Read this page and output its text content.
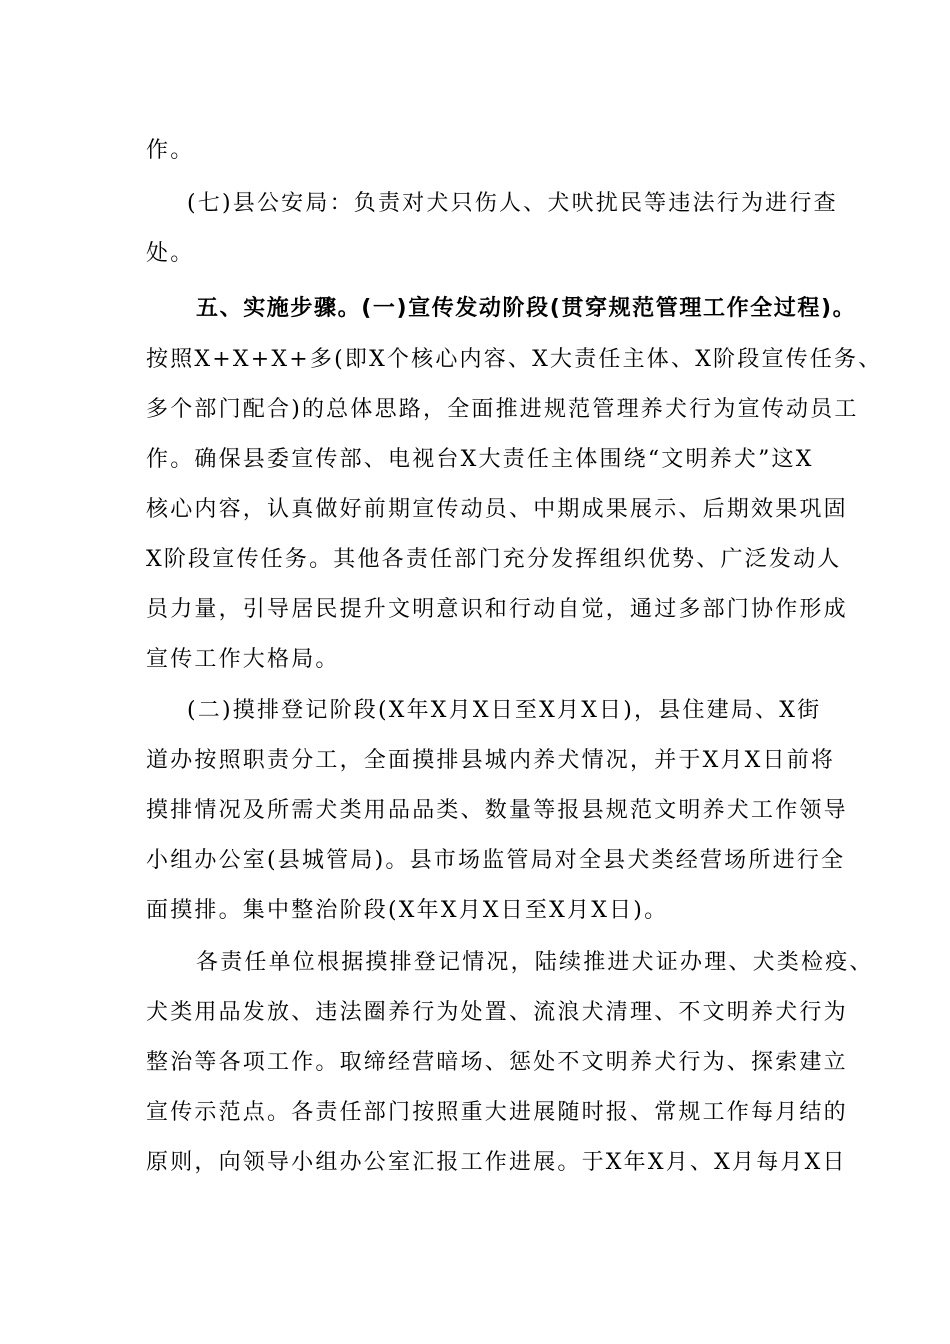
作。
(七)县公安局：负责对犬只伤人、犬吠扰民等违法行为进行查
处。
五、实施步骤。(一)宣传发动阶段(贯穿规范管理工作全过程)。
按照X+X+X+多(即X个核心内容、X大责任主体、X阶段宣传任务、
多个部门配合)的总体思路，全面推进规范管理养犬行为宣传动员工
作。确保县委宣传部、电视台X大责任主体围绕“文明养犬”这X
核心内容，认真做好前期宣传动员、中期成果展示、后期效果巩固
X阶段宣传任务。其他各责任部门充分发挥组织优势、广泛发动人
员力量，引导居民提升文明意识和行动自觉，通过多部门协作形成
宣传工作大格局。
(二)摸排登记阶段(X年X月X日至X月X日)，县住建局、X街
道办按照职责分工，全面摸排县城内养犬情况，并于X月X日前将
摸排情况及所需犬类用品品类、数量等报县规范文明养犬工作领导
小组办公室(县城管局)。县市场监管局对全县犬类经营场所进行全
面摸排。集中整治阶段(X年X月X日至X月X日)。
各责任单位根据摸排登记情况，陆续推进犬证办理、犬类检疫、
犬类用品发放、违法圈养行为处置、流浪犬清理、不文明养犬行为
整治等各项工作。取缔经营暗场、惩处不文明养犬行为、探索建立
宣传示范点。各责任部门按照重大进展随时报、常规工作每月结的
原则，向领导小组办公室汇报工作进展。于X年X月、X月每月X日
